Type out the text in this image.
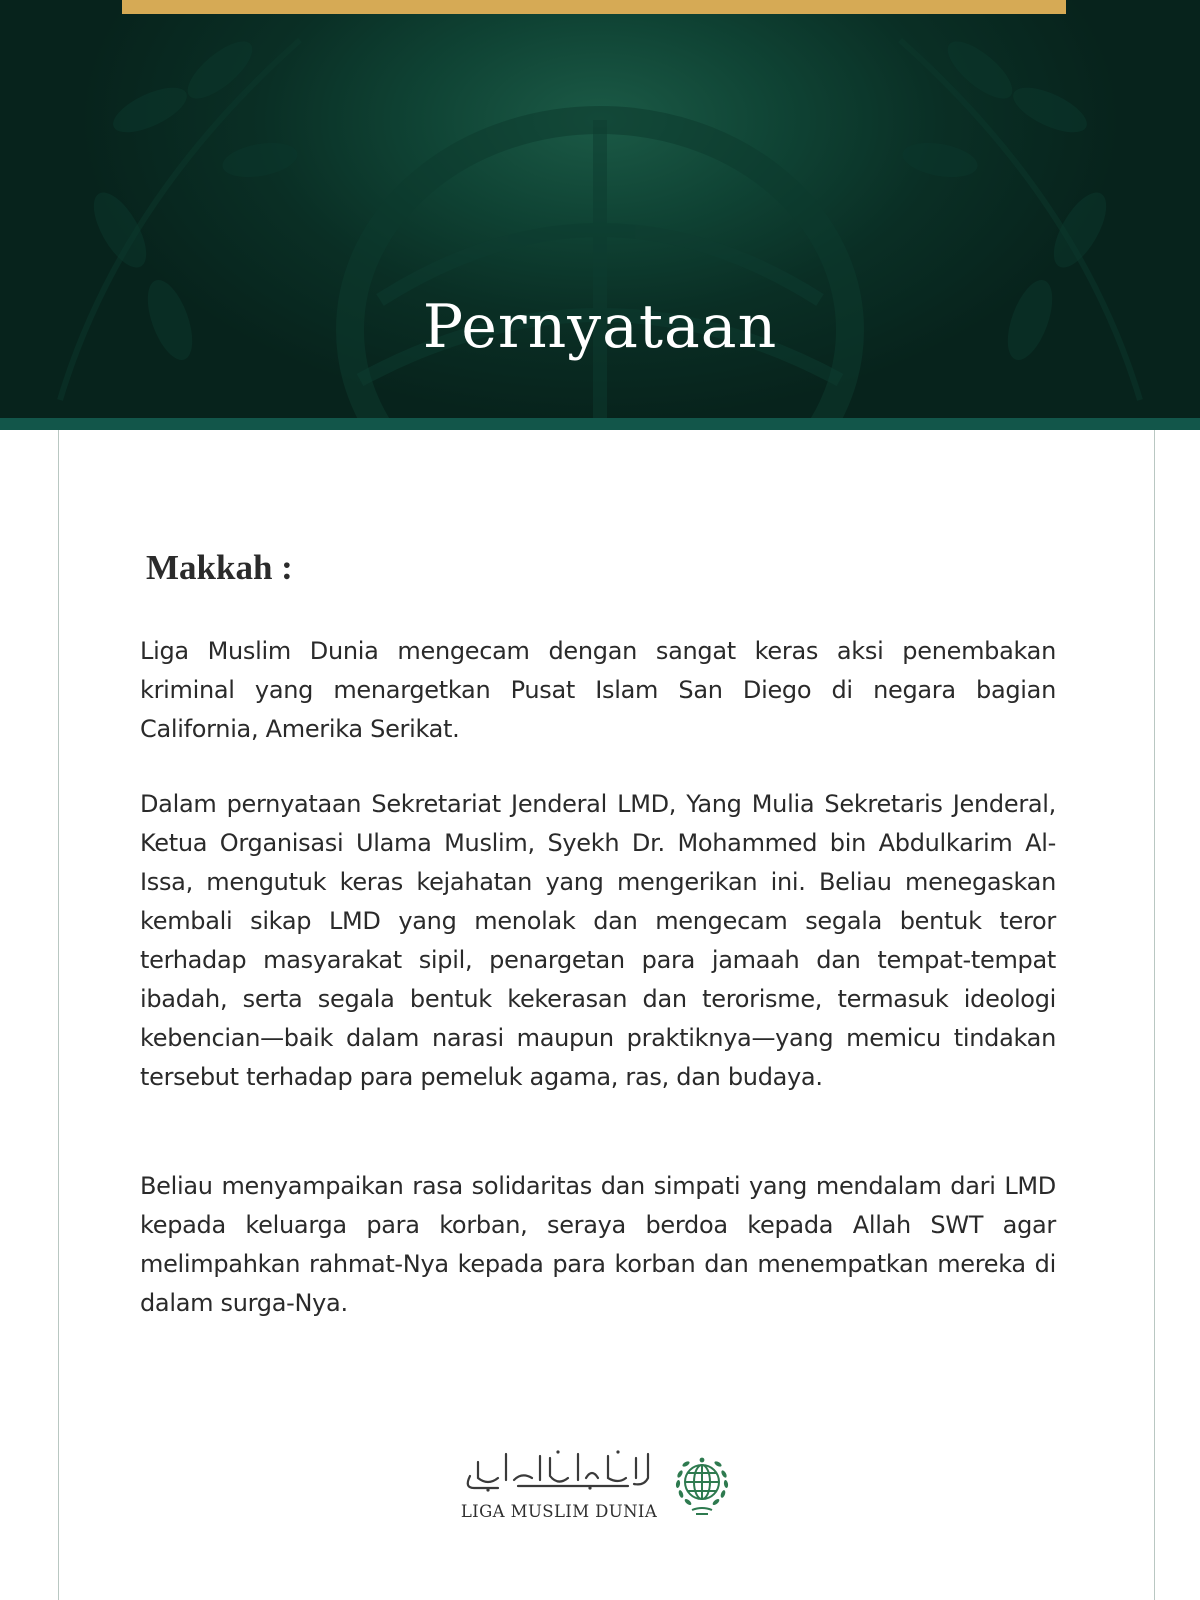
Pernyataan
Makkah :

Liga Muslim Dunia mengecam dengan sangat keras aksi penembakan kriminal yang menargetkan Pusat Islam San Diego di negara bagian California, Amerika Serikat.

Dalam pernyataan Sekretariat Jenderal LMD, Yang Mulia Sekretaris Jenderal, Ketua Organisasi Ulama Muslim, Syekh Dr. Mohammed bin Abdulkarim Al-Issa, mengutuk keras kejahatan yang mengerikan ini. Beliau menegaskan kembali sikap LMD yang menolak dan mengecam segala bentuk teror terhadap masyarakat sipil, penargetan para jamaah dan tempat-tempat ibadah, serta segala bentuk kekerasan dan terorisme, termasuk ideologi kebencian—baik dalam narasi maupun praktiknya—yang memicu tindakan tersebut terhadap para pemeluk agama, ras, dan budaya.

Beliau menyampaikan rasa solidaritas dan simpati yang mendalam dari LMD kepada keluarga para korban, seraya berdoa kepada Allah SWT agar melimpahkan rahmat-Nya kepada para korban dan menempatkan mereka di dalam surga-Nya.

LIGA MUSLIM DUNIA
